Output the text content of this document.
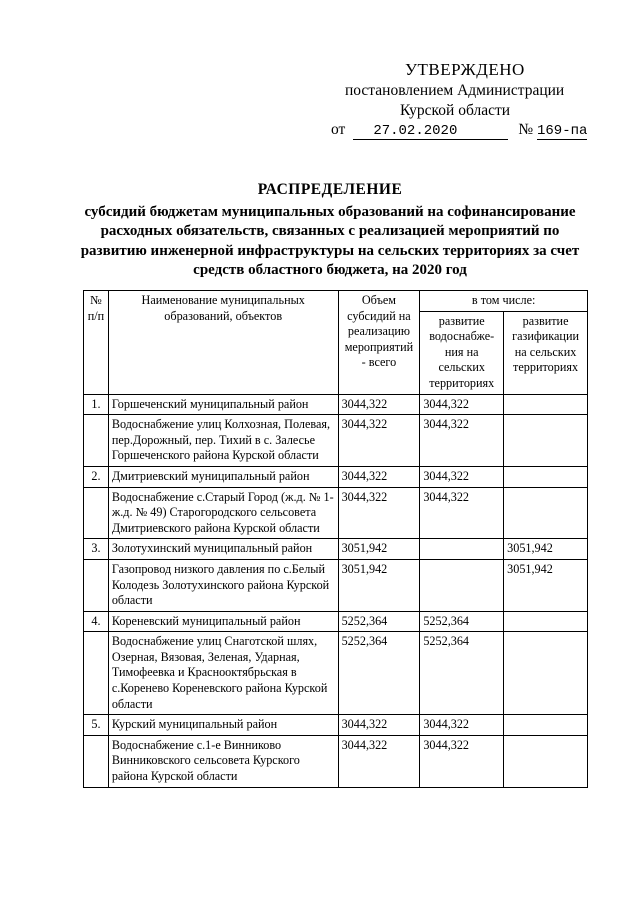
УТВЕРЖДЕНО
постановлением Администрации
Курской области
от 27.02.2020	№ 169-па
РАСПРЕДЕЛЕНИЕ
субсидий бюджетам муниципальных образований на софинансирование
расходных обязательств, связанных с реализацией мероприятий по
развитию инженерной инфраструктуры на сельских территориях за счет
средств областного бюджета, на 2020 год
№ п/п	Наименование муниципальных образований, объектов	Объем субсидий на реализацию мероприятий - всего	в том числе:	
			развитие водоснабже-ния на сельских территориях	развитие газификации на сельских территориях
1.	Горшеченский муниципальный район	3044,322	3044,322	
	Водоснабжение улиц Колхозная, Полевая, пер.Дорожный, пер. Тихий в с. Залесье Горшеченского района Курской области	3044,322	3044,322	
2.	Дмитриевский муниципальный район	3044,322	3044,322	
	Водоснабжение с.Старый Город (ж.д. № 1-ж.д. № 49) Старогородского сельсовета Дмитриевского района Курской области	3044,322	3044,322	
3.	Золотухинский муниципальный район	3051,942		3051,942
	Газопровод низкого давления по с.Белый Колодезь Золотухинского района Курской области	3051,942		3051,942
4.	Кореневский муниципальный район	5252,364	5252,364	
	Водоснабжение улиц Снаготской шлях, Озерная, Вязовая, Зеленая, Ударная, Тимофеевка и Краснооктябрьская в с.Коренево Кореневского района Курской области	5252,364	5252,364	
5.	Курский муниципальный район	3044,322	3044,322	
	Водоснабжение с.1-е Винниково Винниковского сельсовета Курского района Курской области	3044,322	3044,322	
